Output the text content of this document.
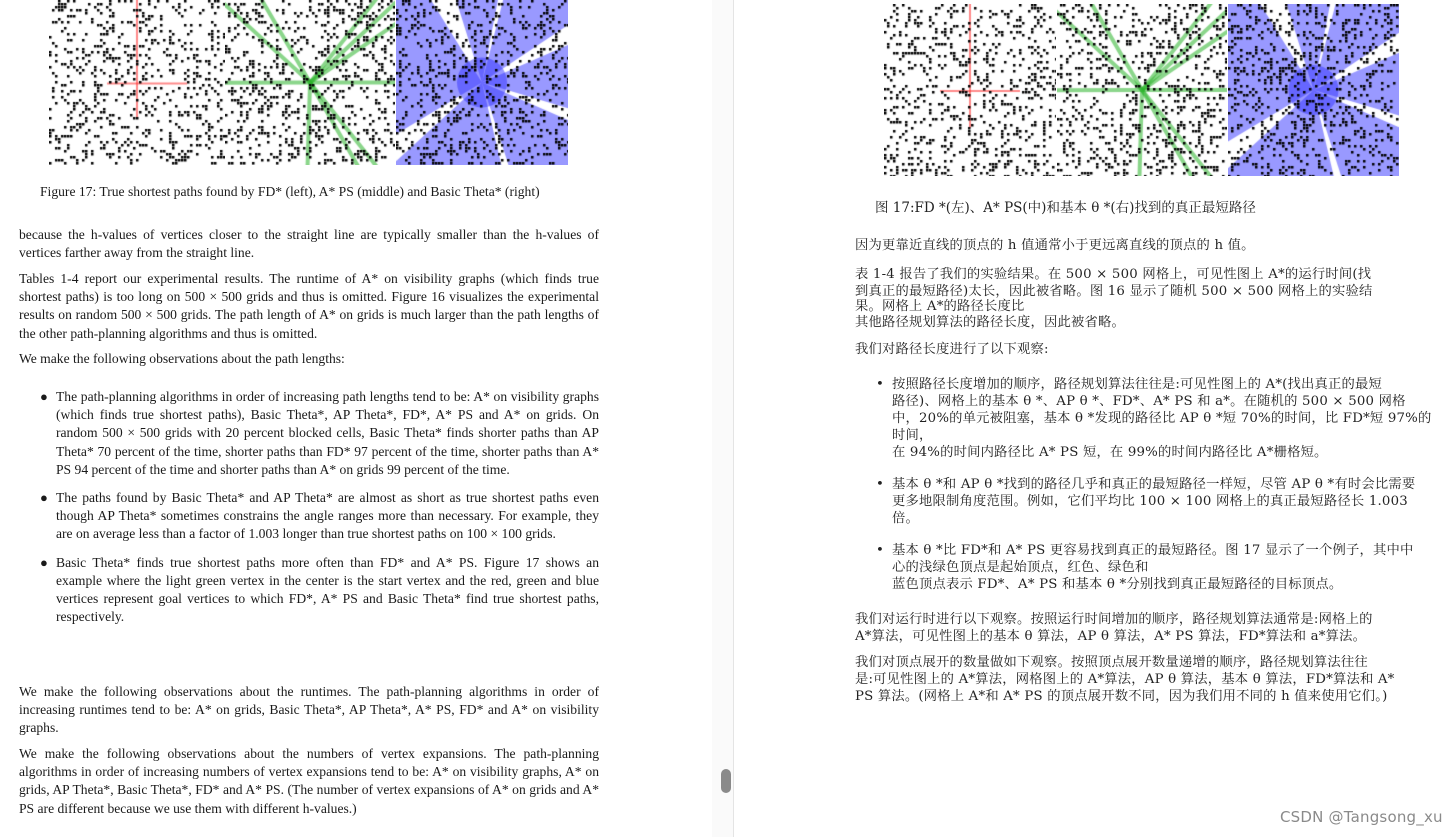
Figure 17: True shortest paths found by FD* (left), A* PS (middle) and Basic Theta* (right)

because the h-values of vertices closer to the straight line are typically smaller than the h-values of vertices farther away from the straight line.

Tables 1-4 report our experimental results. The runtime of A* on visibility graphs (which finds true shortest paths) is too long on 500 × 500 grids and thus is omitted. Figure 16 visualizes the experimental results on random 500 × 500 grids. The path length of A* on grids is much larger than the path lengths of the other path-planning algorithms and thus is omitted.

We make the following observations about the path lengths:

● The path-planning algorithms in order of increasing path lengths tend to be: A* on visibility graphs (which finds true shortest paths), Basic Theta*, AP Theta*, FD*, A* PS and A* on grids. On random 500 × 500 grids with 20 percent blocked cells, Basic Theta* finds shorter paths than AP Theta* 70 percent of the time, shorter paths than FD* 97 percent of the time, shorter paths than A* PS 94 percent of the time and shorter paths than A* on grids 99 percent of the time.
● The paths found by Basic Theta* and AP Theta* are almost as short as true shortest paths even though AP Theta* sometimes constrains the angle ranges more than necessary. For example, they are on average less than a factor of 1.003 longer than true shortest paths on 100 × 100 grids.
● Basic Theta* finds true shortest paths more often than FD* and A* PS. Figure 17 shows an example where the light green vertex in the center is the start vertex and the red, green and blue vertices represent goal vertices to which FD*, A* PS and Basic Theta* find true shortest paths, respectively.

We make the following observations about the runtimes. The path-planning algorithms in order of increasing runtimes tend to be: A* on grids, Basic Theta*, AP Theta*, A* PS, FD* and A* on visibility graphs.

We make the following observations about the numbers of vertex expansions. The path-planning algorithms in order of increasing numbers of vertex expansions tend to be: A* on visibility graphs, A* on grids, AP Theta*, Basic Theta*, FD* and A* PS. (The number of vertex expansions of A* on grids and A* PS are different because we use them with different h-values.)

图 17:FD *(左)、A* PS(中)和基本 θ *(右)找到的真正最短路径

因为更靠近直线的顶点的 h 值通常小于更远离直线的顶点的 h 值。

表 1-4 报告了我们的实验结果。在 500 × 500 网格上，可见性图上 A*的运行时间(找

到真正的最短路径)太长，因此被省略。图 16 显示了随机 500 × 500 网格上的实验结

果。网格上 A*的路径长度比

其他路径规划算法的路径长度，因此被省略。

我们对路径长度进行了以下观察:

• 按照路径长度增加的顺序，路径规划算法往往是:可见性图上的 A*(找出真正的最短

路径)、网格上的基本 θ *、AP θ *、FD*、A* PS 和 a*。在随机的 500 × 500 网格

中，20%的单元被阻塞，基本 θ *发现的路径比 AP θ *短 70%的时间，比 FD*短 97%的

时间，

在 94%的时间内路径比 A* PS 短，在 99%的时间内路径比 A*栅格短。

• 基本 θ *和 AP θ *找到的路径几乎和真正的最短路径一样短，尽管 AP θ *有时会比需要

更多地限制角度范围。例如，它们平均比 100 × 100 网格上的真正最短路径长 1.003

倍。

• 基本 θ *比 FD*和 A* PS 更容易找到真正的最短路径。图 17 显示了一个例子，其中中

心的浅绿色顶点是起始顶点，红色、绿色和

蓝色顶点表示 FD*、A* PS 和基本 θ *分别找到真正最短路径的目标顶点。

我们对运行时进行以下观察。按照运行时间增加的顺序，路径规划算法通常是:网格上的

A*算法，可见性图上的基本 θ 算法，AP θ 算法，A* PS 算法，FD*算法和 a*算法。

我们对顶点展开的数量做如下观察。按照顶点展开数量递增的顺序，路径规划算法往往

是:可见性图上的 A*算法，网格图上的 A*算法，AP θ 算法，基本 θ 算法，FD*算法和 A*

PS 算法。(网格上 A*和 A* PS 的顶点展开数不同，因为我们用不同的 h 值来使用它们。)

CSDN @Tangsong_xu
